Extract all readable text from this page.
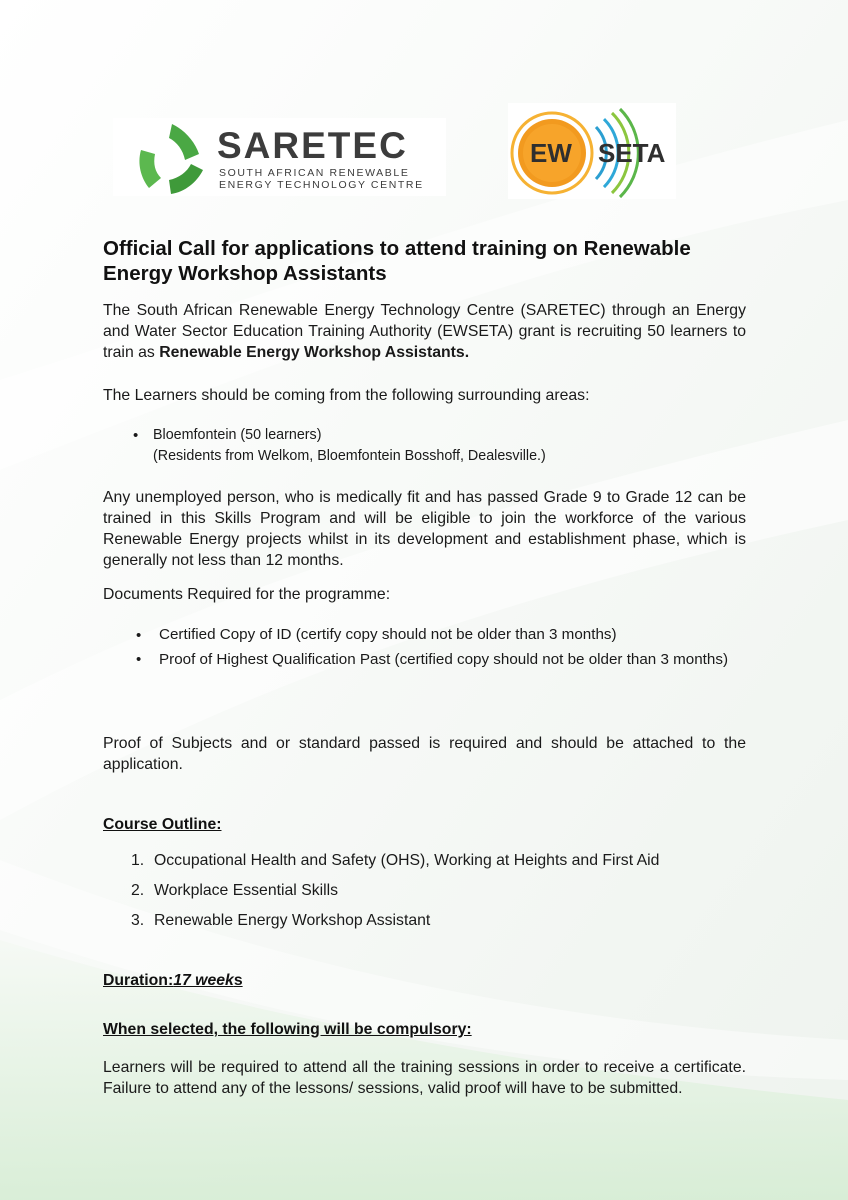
SARETEC
SOUTH AFRICAN RENEWABLE ENERGY TECHNOLOGY CENTRE
EW SETA
Official Call for applications to attend training on Renewable Energy Workshop Assistants
The South African Renewable Energy Technology Centre (SARETEC) through an Energy and Water Sector Education Training Authority (EWSETA) grant is recruiting 50 learners to train as Renewable Energy Workshop Assistants.
The Learners should be coming from the following surrounding areas:
• Bloemfontein (50 learners)
(Residents from Welkom, Bloemfontein Bosshoff, Dealesville.)
Any unemployed person, who is medically fit and has passed Grade 9 to Grade 12 can be trained in this Skills Program and will be eligible to join the workforce of the various Renewable Energy projects whilst in its development and establishment phase, which is generally not less than 12 months.
Documents Required for the programme:
• Certified Copy of ID (certify copy should not be older than 3 months)
• Proof of Highest Qualification Past (certified copy should not be older than 3 months)
Proof of Subjects and or standard passed is required and should be attached to the application.
Course Outline:
1. Occupational Health and Safety (OHS), Working at Heights and First Aid
2. Workplace Essential Skills
3. Renewable Energy Workshop Assistant
Duration:17 weeks
When selected, the following will be compulsory:
Learners will be required to attend all the training sessions in order to receive a certificate. Failure to attend any of the lessons/ sessions, valid proof will have to be submitted.
